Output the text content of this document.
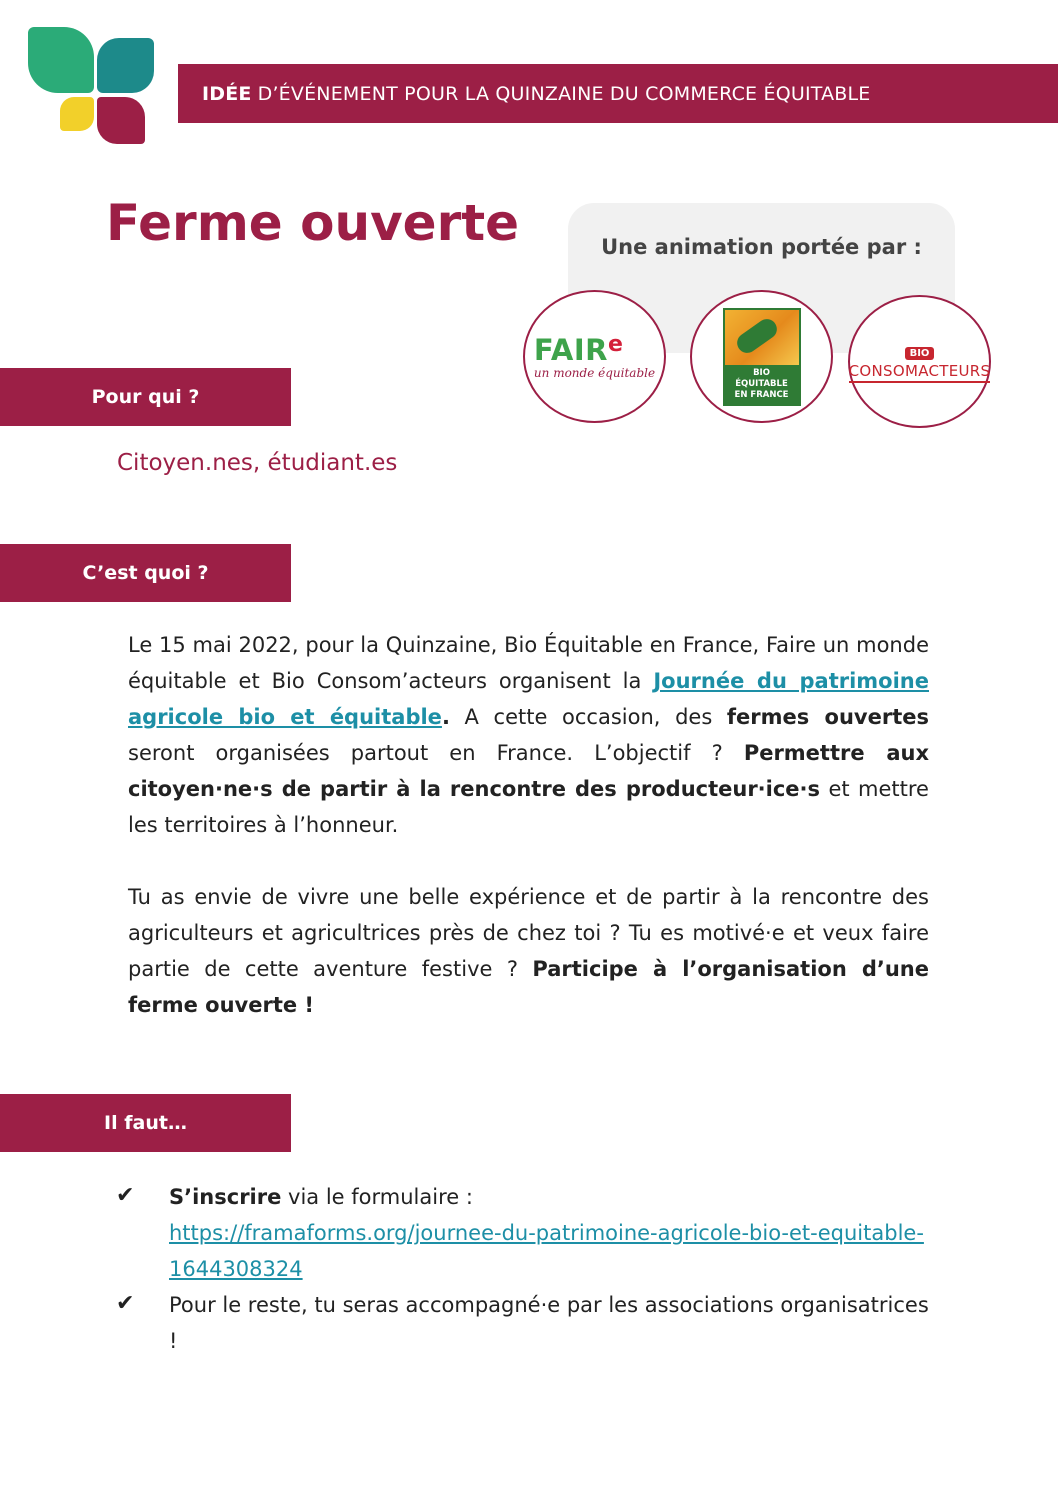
IDÉE D’ÉVÉNEMENT POUR LA QUINZAINE DU COMMERCE ÉQUITABLE
Ferme ouverte	Une animation portée par :
FAIR$^e$
un monde équitable	BIO
ÉQUITABLE
EN FRANCE
BIO
CONSOMACTEURS
Pour qui ?
Citoyen.nes, étudiant.es
C’est quoi ?
Le 15 mai 2022, pour la Quinzaine, Bio Équitable en France, Faire un monde équitable et Bio Consom’acteurs organisent la Journée du patrimoine agricole bio et équitable. A cette occasion, des fermes ouvertes seront organisées partout en France. L’objectif ? Permettre aux citoyen·ne·s de partir à la rencontre des producteur·ice·s et mettre les territoires à l’honneur.
Tu as envie de vivre une belle expérience et de partir à la rencontre des agriculteurs et agricultrices près de chez toi ? Tu es motivé·e et veux faire partie de cette aventure festive ? Participe à l’organisation d’une ferme ouverte !
Il faut…
✔ S’inscrire via le formulaire :
https://framaforms.org/journee-du-patrimoine-agricole-bio-et-equitable-1644308324
✔ Pour le reste, tu seras accompagné·e par les associations organisatrices !
